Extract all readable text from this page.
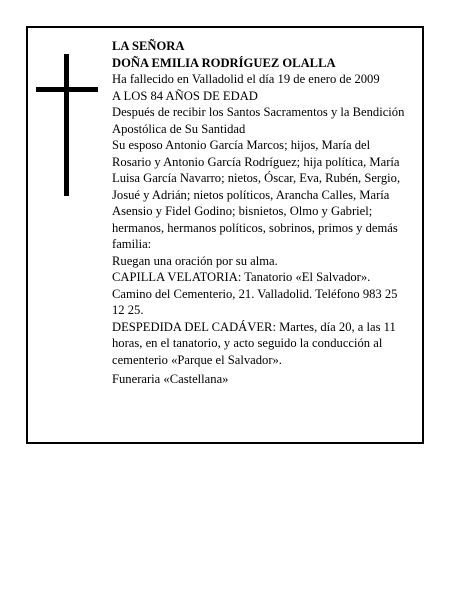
LA SEÑORA

DOÑA EMILIA RODRÍGUEZ OLALLA

Ha fallecido en Valladolid el día 19 de enero de 2009

A LOS 84 AÑOS DE EDAD

Después de recibir los Santos Sacramentos y la Bendición Apostólica de Su Santidad

Su esposo Antonio García Marcos; hijos, María del Rosario y Antonio García Rodríguez; hija política, María Luisa García Navarro; nietos, Óscar, Eva, Rubén, Sergio, Josué y Adrián; nietos políticos, Arancha Calles, María Asensio y Fidel Godino; bisnietos, Olmo y Gabriel; hermanos, hermanos políticos, sobrinos, primos y demás familia:

Ruegan una oración por su alma.

CAPILLA VELATORIA: Tanatorio «El Salvador». Camino del Cementerio, 21. Valladolid. Teléfono 983 25 12 25.

DESPEDIDA DEL CADÁVER: Martes, día 20, a las 11 horas, en el tanatorio, y acto seguido la conducción al cementerio «Parque el Salvador».

Funeraria «Castellana»
